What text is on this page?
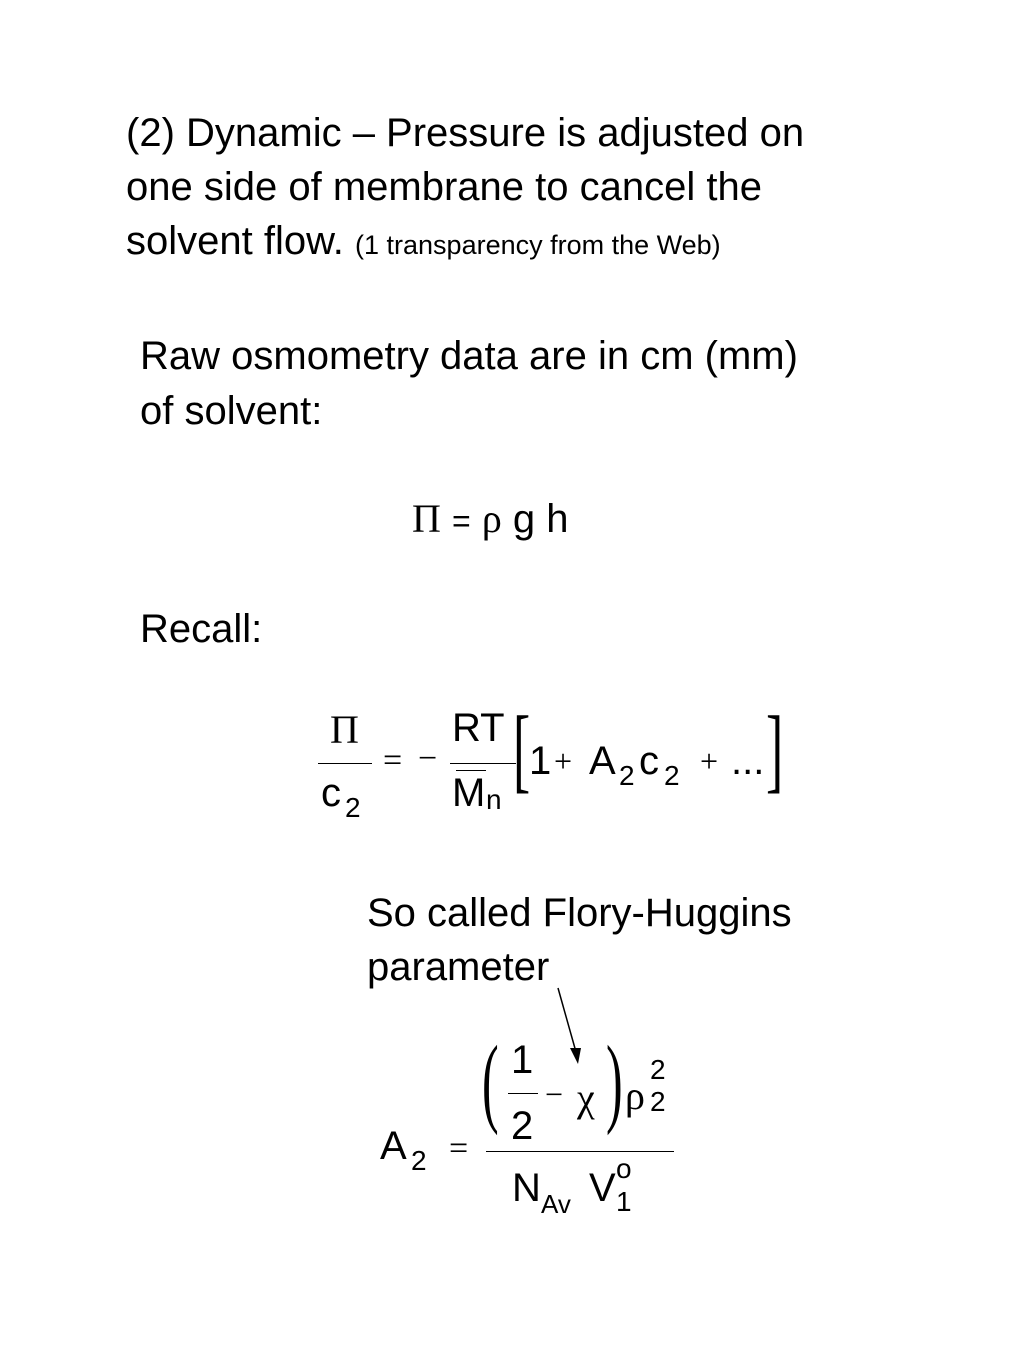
(2) Dynamic – Pressure is adjusted on
one side of membrane to cancel the
solvent flow. (1 transparency from the Web)
Raw osmometry data are in cm (mm)
of solvent:
Π = ρ g h
Recall:
Π
c 2
= −
RT
M n [
1 + A 2 c 2 + ... ]
So called Flory-Huggins
parameter
A 2 =
( 1
2
− χ ) ρ
2
2
N Av V o
1
